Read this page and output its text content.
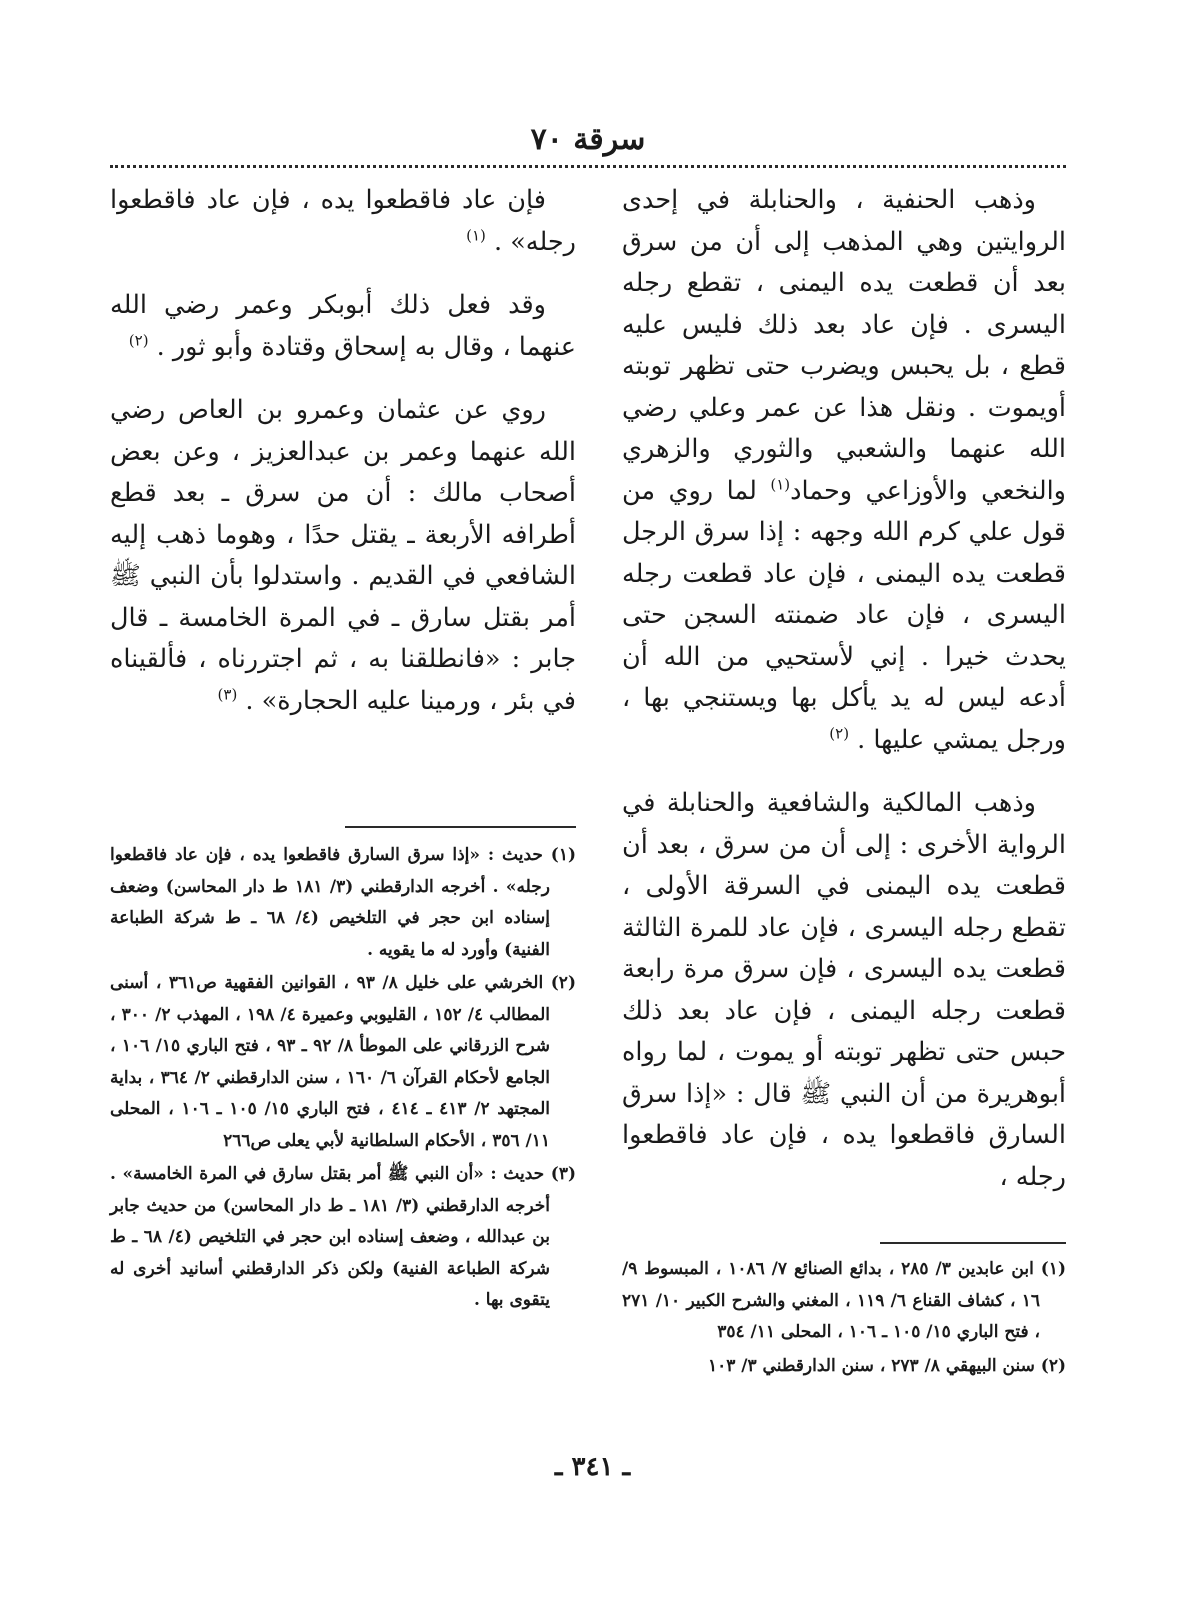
سرقة ٧٠

وذهب الحنفية ، والحنابلة في إحدى الروايتين وهي المذهب إلى أن من سرق بعد أن قطعت يده اليمنى ، تقطع رجله اليسرى . فإن عاد بعد ذلك فليس عليه قطع ، بل يحبس ويضرب حتى تظهر توبته أويموت . ونقل هذا عن عمر وعلي رضي الله عنهما والشعبي والثوري والزهري والنخعي والأوزاعي وحماد$^{(١)}$ لما روي من قول علي كرم الله وجهه : إذا سرق الرجل قطعت يده اليمنى ، فإن عاد قطعت رجله اليسرى ، فإن عاد ضمنته السجن حتى يحدث خيرا . إني لأستحيي من الله أن أدعه ليس له يد يأكل بها ويستنجي بها ، ورجل يمشي عليها . $^{(٢)}$

وذهب المالكية والشافعية والحنابلة في الرواية الأخرى : إلى أن من سرق ، بعد أن قطعت يده اليمنى في السرقة الأولى ، تقطع رجله اليسرى ، فإن عاد للمرة الثالثة قطعت يده اليسرى ، فإن سرق مرة رابعة قطعت رجله اليمنى ، فإن عاد بعد ذلك حبس حتى تظهر توبته أو يموت ، لما رواه أبوهريرة من أن النبي ﷺ قال : «إذا سرق السارق فاقطعوا يده ، فإن عاد فاقطعوا رجله ،

(١) ابن عابدين ٣/ ٢٨٥ ، بدائع الصنائع ٧/ ١٠٨٦ ، المبسوط ٩/ ١٦ ، كشاف القناع ٦/ ١١٩ ، المغني والشرح الكبير ١٠/ ٢٧١ ، فتح الباري ١٥/ ١٠٥ ـ ١٠٦ ، المحلى ١١/ ٣٥٤

(٢) سنن البيهقي ٨/ ٢٧٣ ، سنن الدارقطني ٣/ ١٠٣

فإن عاد فاقطعوا يده ، فإن عاد فاقطعوا رجله» . $^{(١)}$

وقد فعل ذلك أبوبكر وعمر رضي الله عنهما ، وقال به إسحاق وقتادة وأبو ثور . $^{(٢)}$

روي عن عثمان وعمرو بن العاص رضي الله عنهما وعمر بن عبدالعزيز ، وعن بعض أصحاب مالك : أن من سرق ـ بعد قطع أطرافه الأربعة ـ يقتل حدًا ، وهوما ذهب إليه الشافعي في القديم . واستدلوا بأن النبي ﷺ أمر بقتل سارق ـ في المرة الخامسة ـ قال جابر : «فانطلقنا به ، ثم اجتررناه ، فألقيناه في بئر ، ورمينا عليه الحجارة» . $^{(٣)}$

(١) حديث : «إذا سرق السارق فاقطعوا يده ، فإن عاد فاقطعوا رجله» . أخرجه الدارقطني (٣/ ١٨١ ط دار المحاسن) وضعف إسناده ابن حجر في التلخيص (٤/ ٦٨ ـ ط شركة الطباعة الفنية) وأورد له ما يقويه .

(٢) الخرشي على خليل ٨/ ٩٣ ، القوانين الفقهية ص٣٦١ ، أسنى المطالب ٤/ ١٥٢ ، القليوبي وعميرة ٤/ ١٩٨ ، المهذب ٢/ ٣٠٠ ، شرح الزرقاني على الموطأ ٨/ ٩٢ ـ ٩٣ ، فتح الباري ١٥/ ١٠٦ ، الجامع لأحكام القرآن ٦/ ١٦٠ ، سنن الدارقطني ٢/ ٣٦٤ ، بداية المجتهد ٢/ ٤١٣ ـ ٤١٤ ، فتح الباري ١٥/ ١٠٥ ـ ١٠٦ ، المحلى ١١/ ٣٥٦ ، الأحكام السلطانية لأبي يعلى ص٢٦٦

(٣) حديث : «أن النبي ﷺ أمر بقتل سارق في المرة الخامسة» . أخرجه الدارقطني (٣/ ١٨١ ـ ط دار المحاسن) من حديث جابر بن عبدالله ، وضعف إسناده ابن حجر في التلخيص (٤/ ٦٨ ـ ط شركة الطباعة الفنية) ولكن ذكر الدارقطني أسانيد أخرى له يتقوى بها .

ـ ٣٤١ ـ
